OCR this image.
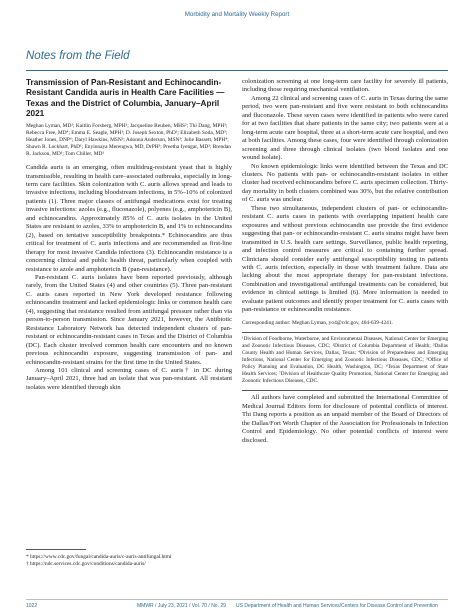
Morbidity and Mortality Weekly Report
Notes from the Field
Transmission of Pan-Resistant and Echinocandin-Resistant Candida auris in Health Care Facilities — Texas and the District of Columbia, January–April 2021
Meghan Lyman, MD¹; Kaitlin Forsberg, MPH¹; Jacqueline Reuben, MHS²; Thi Dang, MPH³; Rebecca Free, MD⁴; Emma E. Seagle, MPH¹; D. Joseph Sexton, PhD¹; Elizabeth Soda, MD⁵; Heather Jones, DNP⁶; Daryl Hawkins, MSN³; Adonna Anderson, MSN³; Julie Bassett, MPH⁴; Shawn R. Lockhart, PhD¹; Enyinnaya Merengwa, MD, DrPH³; Preetha Iyengar, MD²; Brendan R. Jackson, MD¹; Tom Chiller, MD¹

Candida auris is an emerging, often multidrug-resistant yeast that is highly transmissible, resulting in health care–associated outbreaks, especially in long-term care facilities. Skin colonization with C. auris allows spread and leads to invasive infections, including bloodstream infections, in 5%–10% of colonized patients (1). Three major classes of antifungal medications exist for treating invasive infections: azoles (e.g., fluconazole), polyenes (e.g., amphotericin B), and echinocandins. Approximately 85% of C. auris isolates in the United States are resistant to azoles, 33% to amphotericin B, and 1% to echinocandins (2), based on tentative susceptibility breakpoints.* Echinocandins are thus critical for treatment of C. auris infections and are recommended as first-line therapy for most invasive Candida infections (3). Echinocandin resistance is a concerning clinical and public health threat, particularly when coupled with resistance to azole and amphotericin B (pan-resistance).

Pan-resistant C. auris isolates have been reported previously, although rarely, from the United States (4) and other countries (5). Three pan-resistant C. auris cases reported in New York developed resistance following echinocandin treatment and lacked epidemiologic links or common health care (4), suggesting that resistance resulted from antifungal pressure rather than via person-to-person transmission. Since January 2021, however, the Antibiotic Resistance Laboratory Network has detected independent clusters of pan-resistant or echinocandin-resistant cases in Texas and the District of Columbia (DC). Each cluster involved common health care encounters and no known previous echinocandin exposure, suggesting transmission of pan- and echinocandin-resistant strains for the first time in the United States.

Among 101 clinical and screening cases of C. auris† in DC during January–April 2021, three had an isolate that was pan-resistant. All resistant isolates were identified through skin

* https://www.cdc.gov/fungal/candida-auris/c-auris-antifungal.html
† https://ndc.services.cdc.gov/conditions/candida-auris/

colonization screening at one long-term care facility for severely ill patients, including those requiring mechanical ventilation.

Among 22 clinical and screening cases of C. auris in Texas during the same period, two were pan-resistant and five were resistant to both echinocandins and fluconazole. These seven cases were identified in patients who were cared for at two facilities that share patients in the same city; two patients were at a long-term acute care hospital, three at a short-term acute care hospital, and two at both facilities. Among these cases, four were identified through colonization screening and three through clinical isolates (two blood isolates and one wound isolate).

No known epidemiologic links were identified between the Texas and DC clusters. No patients with pan- or echinocandin-resistant isolates in either cluster had received echinocandins before C. auris specimen collection. Thirty-day mortality in both clusters combined was 30%, but the relative contribution of C. auris was unclear.

These two simultaneous, independent clusters of pan- or echinocandin-resistant C. auris cases in patients with overlapping inpatient health care exposures and without previous echinocandin use provide the first evidence suggesting that pan- or echinocandin-resistant C. auris strains might have been transmitted in U.S. health care settings. Surveillance, public health reporting, and infection control measures are critical to containing further spread. Clinicians should consider early antifungal susceptibility testing in patients with C. auris infection, especially in those with treatment failure. Data are lacking about the most appropriate therapy for pan-resistant infections. Combination and investigational antifungal treatments can be considered, but evidence in clinical settings is limited (6). More information is needed to evaluate patient outcomes and identify proper treatment for C. auris cases with pan-resistance or echinocandin resistance.

Corresponding author: Meghan Lyman, yo4@cdc.gov, 404-639-4241.
¹Division of Foodborne, Waterborne, and Environmental Diseases, National Center for Emerging and Zoonotic Infectious Diseases, CDC; ²District of Columbia Department of Health; ³Dallas County Health and Human Services, Dallas, Texas; ⁴Division of Preparedness and Emerging Infections, National Center for Emerging and Zoonotic Infectious Diseases, CDC; ⁵Office of Policy Planning and Evaluation, DC Health, Washington, DC; ⁶Texas Department of State Health Services; ⁷Division of Healthcare Quality Promotion, National Center for Emerging and Zoonotic Infectious Diseases, CDC.

All authors have completed and submitted the International Committee of Medical Journal Editors form for disclosure of potential conflicts of interest. Thi Dang reports a position as an unpaid member of the Board of Directors of the Dallas/Fort Worth Chapter of the Association for Professionals in Infection Control and Epidemiology. No other potential conflicts of interest were disclosed.

1022	MMWR / July 23, 2021 / Vol. 70 / No. 29 US Department of Health and Human Services/Centers for Disease Control and Prevention
